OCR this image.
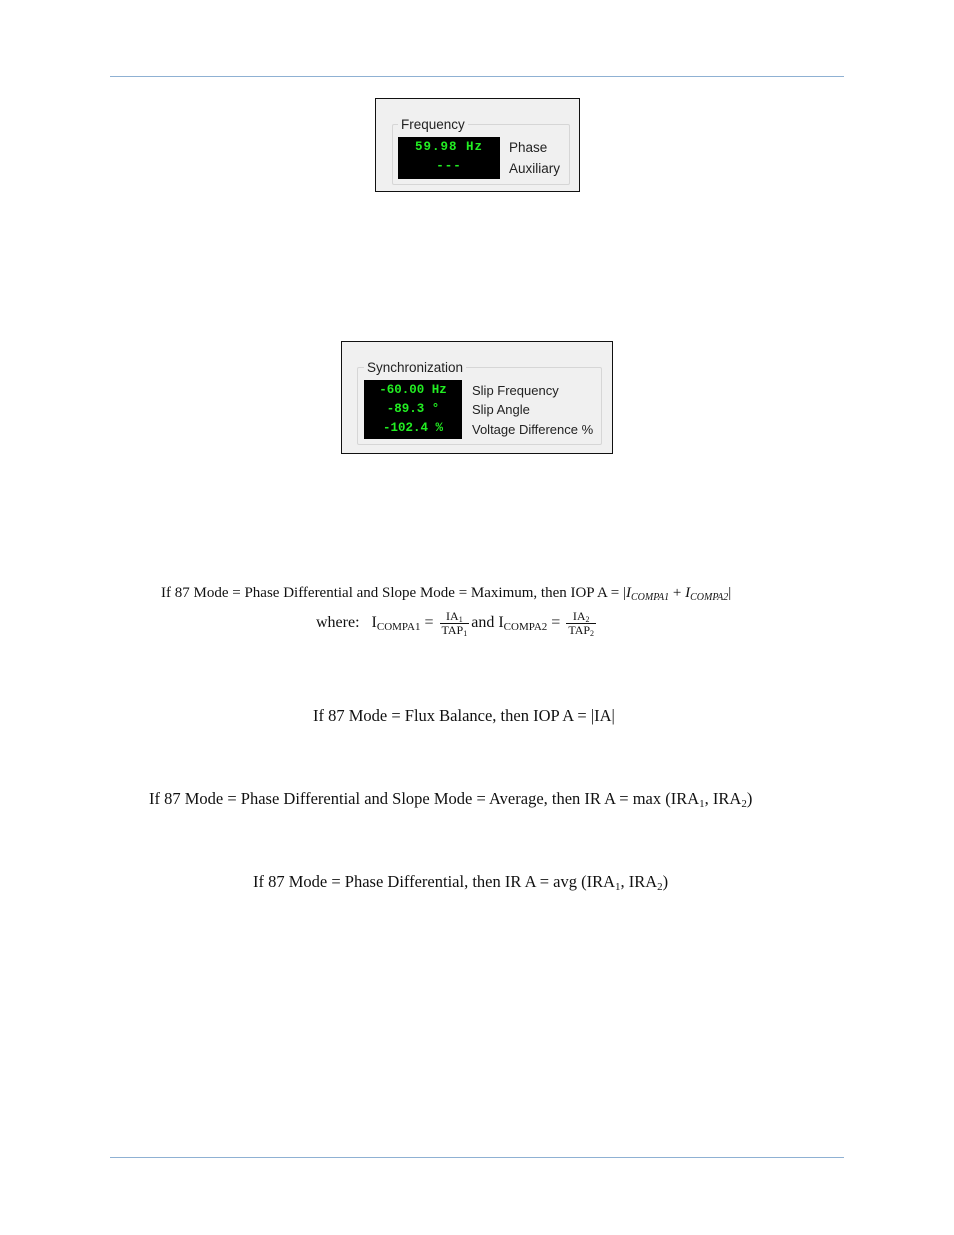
Frequency
59.98 Hz
---
Phase
Auxiliary
Synchronization
-60.00 Hz
-89.3 °
-102.4 %
Slip Frequency
Slip Angle
Voltage Difference %
If 87 Mode = Phase Differential and Slope Mode = Maximum, then IOP $A = |I_{COMPA1} + I_{COMPA2}|$
where: $I_{COMPA1} = \frac{IA_1}{TAP_1}$ and $I_{COMPA2} = \frac{IA_2}{TAP_2}$
If 87 Mode = Flux Balance, then IOP A = |IA|
If 87 Mode = Phase Differential and Slope Mode = Average, then IR $A = \max (IRA_1$, $IRA_2$)
If 87 Mode = Phase Differential, then IR A = avg ($IRA_1$, $IRA_2$)
